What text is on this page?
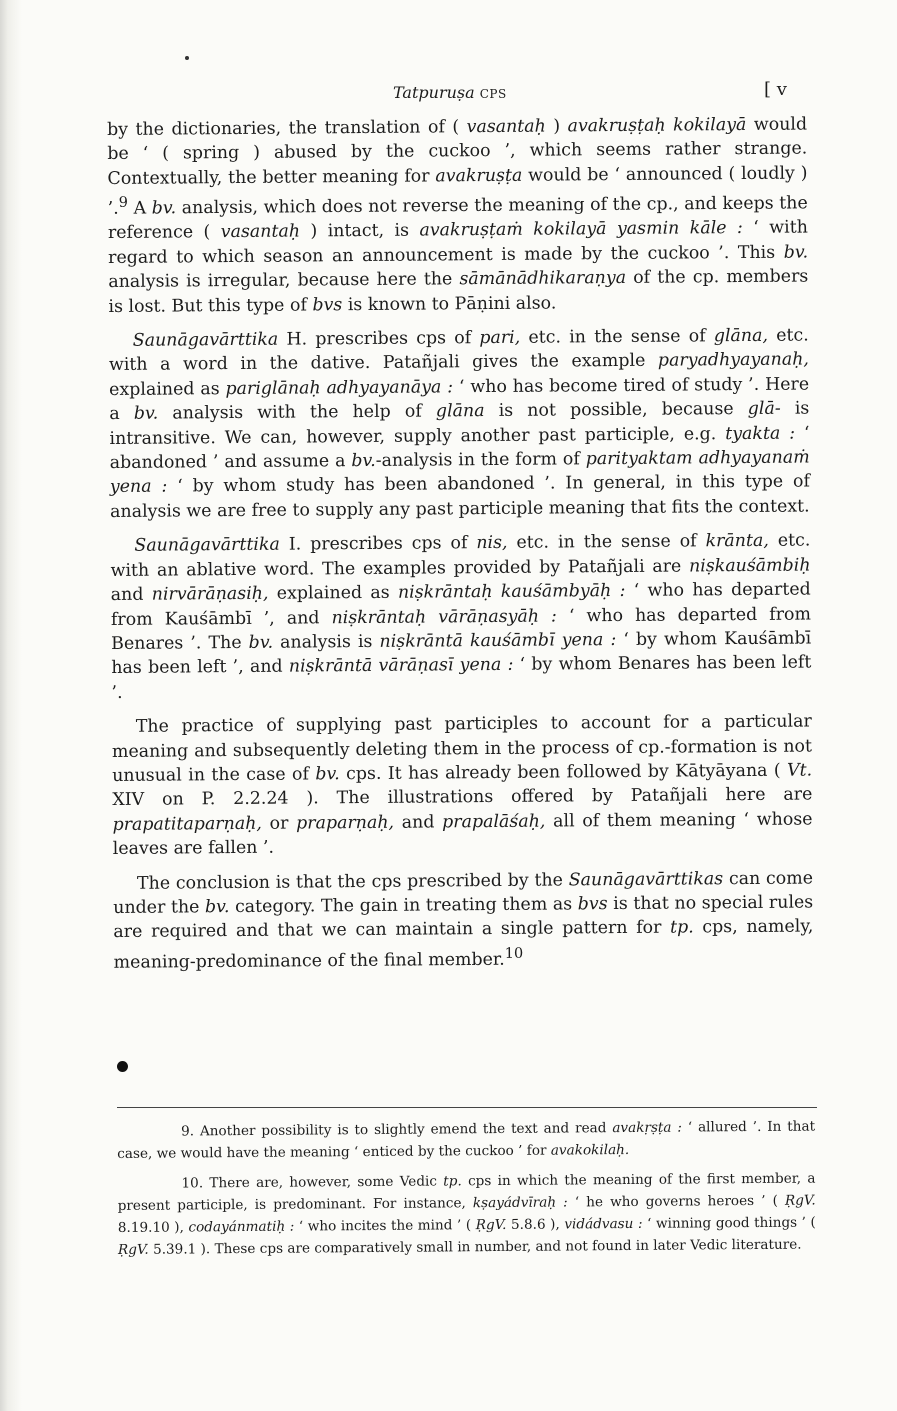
Tatpuruṣa CPS	[ v

by the dictionaries, the translation of ( vasantaḥ ) avakruṣṭaḥ kokilayā would be ‘ ( spring ) abused by the cuckoo ’, which seems rather strange. Contextually, the better meaning for avakruṣṭa would be ‘ announced ( loudly ) ’.$^9$ A bv. analysis, which does not reverse the meaning of the cp., and keeps the reference ( vasantaḥ ) intact, is avakruṣṭaṁ kokilayā yasmin kāle : ‘ with regard to which season an announcement is made by the cuckoo ’. This bv. analysis is irregular, because here the sāmānādhikaraṇya of the cp. members is lost. But this type of bvs is known to Pāṇini also.

Saunāgavārttika H. prescribes cps of pari, etc. in the sense of glāna, etc. with a word in the dative. Patañjali gives the example paryadhyayanaḥ, explained as pariglānaḥ adhyayanāya : ‘ who has become tired of study ’. Here a bv. analysis with the help of glāna is not possible, because glā- is intransitive. We can, however, supply another past participle, e.g. tyakta : ‘ abandoned ’ and assume a bv.-analysis in the form of parityaktam adhyayanaṁ yena : ‘ by whom study has been abandoned ’. In general, in this type of analysis we are free to supply any past participle meaning that fits the context.

Saunāgavārttika I. prescribes cps of nis, etc. in the sense of krānta, etc. with an ablative word. The examples provided by Patañjali are niṣkauśāmbiḥ and nirvārāṇasiḥ, explained as niṣkrāntaḥ kauśāmbyāḥ : ‘ who has departed from Kauśāmbī ’, and niṣkrāntaḥ vārāṇasyāḥ : ‘ who has departed from Benares ’. The bv. analysis is niṣkrāntā kauśāmbī yena : ‘ by whom Kauśāmbī has been left ’, and niṣkrāntā vārāṇasī yena : ‘ by whom Benares has been left ’.

The practice of supplying past participles to account for a particular meaning and subsequently deleting them in the process of cp.-formation is not unusual in the case of bv. cps. It has already been followed by Kātyāyana ( Vt. XIV on P. 2.2.24 ). The illustrations offered by Patañjali here are prapatitaparṇaḥ, or praparṇaḥ, and prapalāśaḥ, all of them meaning ‘ whose leaves are fallen ’.

The conclusion is that the cps prescribed by the Saunāgavārttikas can come under the bv. category. The gain in treating them as bvs is that no special rules are required and that we can maintain a single pattern for tp. cps, namely, meaning-predominance of the final member.$^{10}$

9. Another possibility is to slightly emend the text and read avakṛṣṭa : ‘ allured ’. In that case, we would have the meaning ‘ enticed by the cuckoo ’ for avakokilaḥ.

10. There are, however, some Vedic tp. cps in which the meaning of the first member, a present participle, is predominant. For instance, kṣayádvīraḥ : ‘ he who governs heroes ’ ( ṚgV. 8.19.10 ), codayánmatiḥ : ‘ who incites the mind ’ ( ṚgV. 5.8.6 ), vidádvasu : ‘ winning good things ’ ( ṚgV. 5.39.1 ). These cps are comparatively small in number, and not found in later Vedic literature.
